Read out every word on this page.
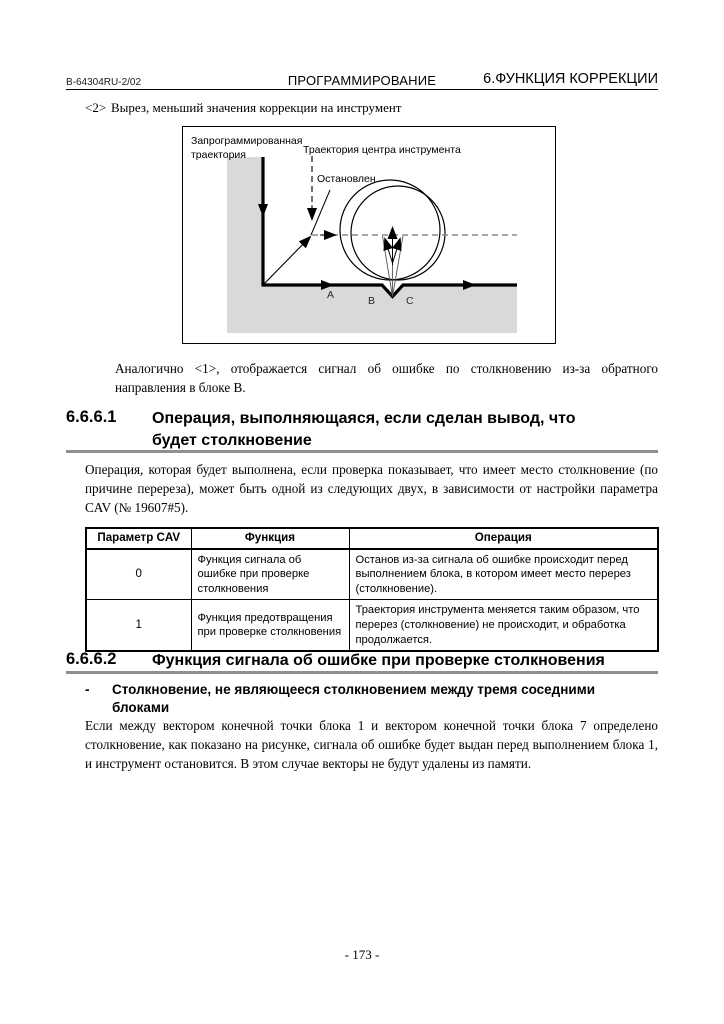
B-64304RU-2/02	ПРОГРАММИРОВАНИЕ	6.ФУНКЦИЯ КОРРЕКЦИИ
<2> Вырез, меньший значения коррекции на инструмент
Запрограммированная
траектория	Траектория центра инструмента
Остановлен
A	B	C
Аналогично <1>, отображается сигнал об ошибке по столкновению из-за обратного направления в блоке B.
6.6.6.1 Операция, выполняющаяся, если сделан вывод, что
будет столкновение
Операция, которая будет выполнена, если проверка показывает, что имеет место столкновение (по причине перереза), может быть одной из следующих двух, в зависимости от настройки параметра CAV (№ 19607#5).
Параметр CAV	Функция	Операция
0	Функция сигнала об ошибке при проверке столкновения	Останов из-за сигнала об ошибке происходит перед выполнением блока, в котором имеет место перерез (столкновение).
1	Функция предотвращения при проверке столкновения	Траектория инструмента меняется таким образом, что перерез (столкновение) не происходит, и обработка продолжается.
6.6.6.2 Функция сигнала об ошибке при проверке столкновения
-	Столкновение, не являющееся столкновением между тремя соседними блоками
Если между вектором конечной точки блока 1 и вектором конечной точки блока 7 определено столкновение, как показано на рисунке, сигнала об ошибке будет выдан перед выполнением блока 1, и инструмент остановится. В этом случае векторы не будут удалены из памяти.
- 173 -
